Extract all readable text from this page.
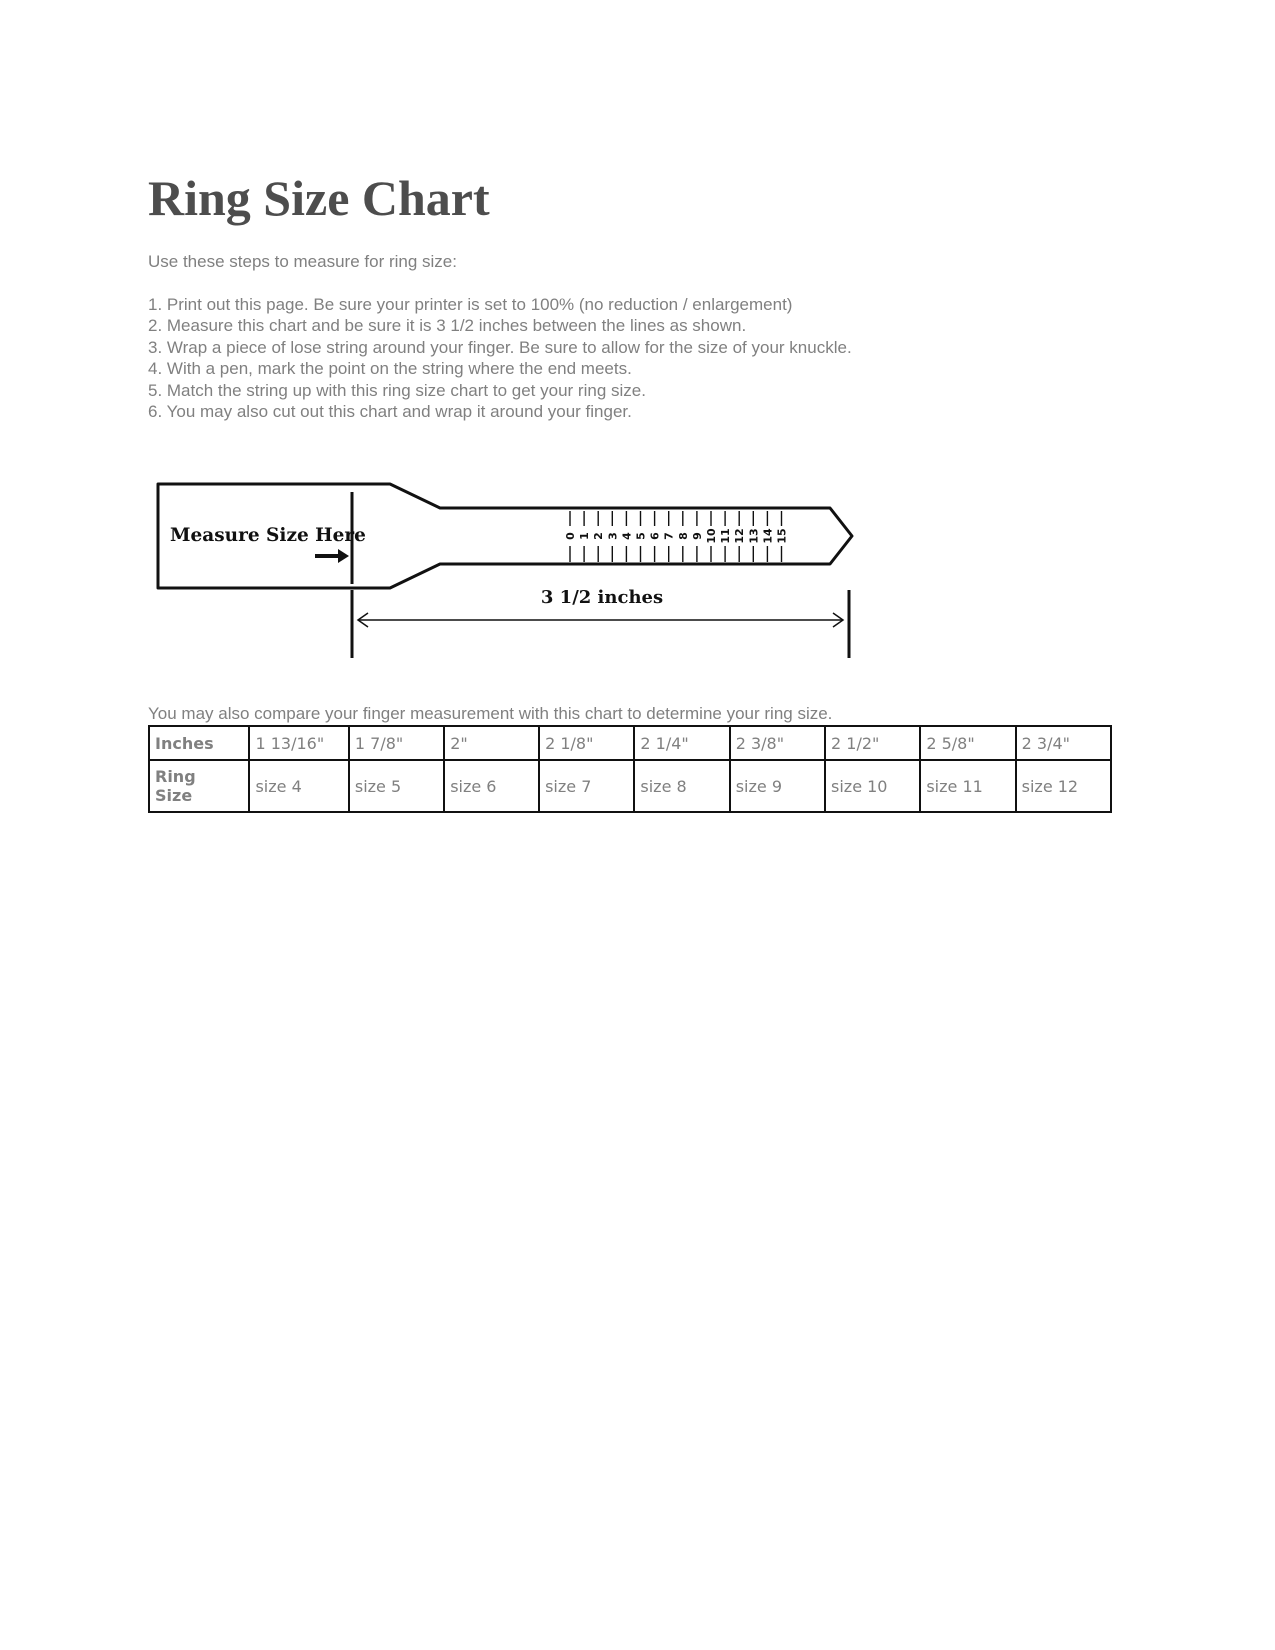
Ring Size Chart
Use these steps to measure for ring size:
1. Print out this page. Be sure your printer is set to 100% (no reduction / enlargement)
2. Measure this chart and be sure it is 3 1/2 inches between the lines as shown.
3. Wrap a piece of lose string around your finger. Be sure to allow for the size of your knuckle.
4. With a pen, mark the point on the string where the end meets.
5. Match the string up with this ring size chart to get your ring size.
6. You may also cut out this chart and wrap it around your finger.
Measure Size Here	0 1 2 3 4 5 6 7 8 9 10 11 12 13 14 15
3 1/2 inches
You may also compare your finger measurement with this chart to determine your ring size.
Inches	1 13/16"	1 7/8"	2"	2 1/8"	2 1/4"	2 3/8"	2 1/2"	2 5/8"	2 3/4"
Ring
Size	size 4	size 5	size 6	size 7	size 8	size 9	size 10	size 11	size 12
